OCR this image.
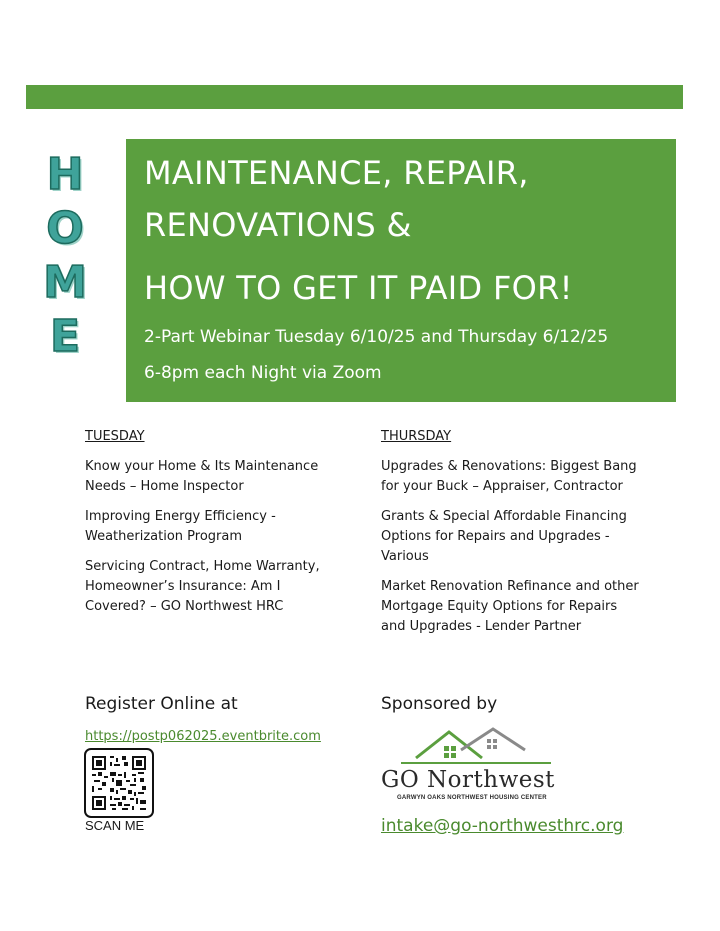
H
O
M
E
MAINTENANCE, REPAIR,
RENOVATIONS &
HOW TO GET IT PAID FOR!
2-Part Webinar Tuesday 6/10/25 and Thursday 6/12/25
6-8pm each Night via Zoom
TUESDAY
Know your Home & Its Maintenance Needs – Home Inspector
Improving Energy Efficiency - Weatherization Program
Servicing Contract, Home Warranty, Homeowner’s Insurance: Am I Covered? – GO Northwest HRC
THURSDAY
Upgrades & Renovations: Biggest Bang for your Buck – Appraiser, Contractor
Grants & Special Affordable Financing Options for Repairs and Upgrades - Various
Market Renovation Refinance and other Mortgage Equity Options for Repairs and Upgrades - Lender Partner
Register Online at
https://postp062025.eventbrite.com
SCAN ME
Sponsored by
GO Northwest
GARWYN OAKS NORTHWEST HOUSING CENTER
intake@go-northwesthrc.org
